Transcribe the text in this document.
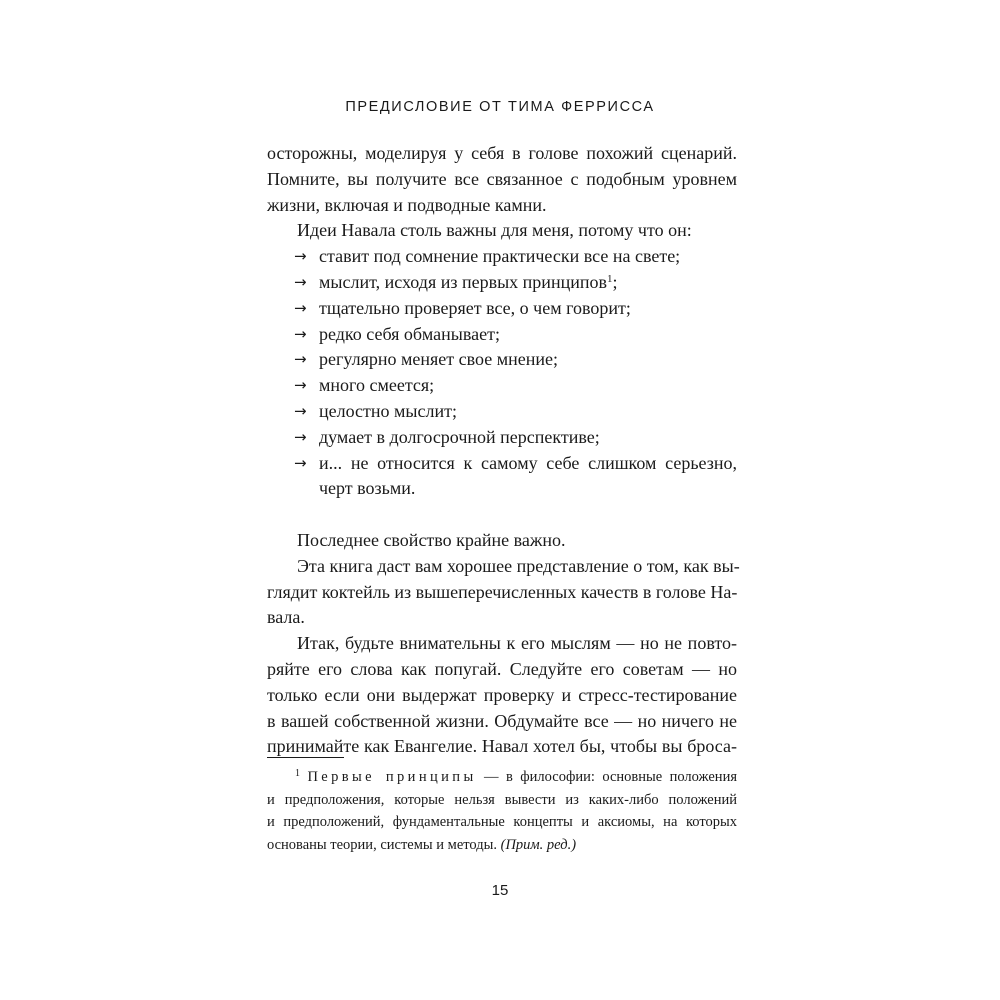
ПРЕДИСЛОВИЕ ОТ ТИМА ФЕРРИССА

осторожны, моделируя у себя в голове похожий сценарий.
Помните, вы получите все связанное с подобным уровнем
жизни, включая и подводные камни.

Идеи Навала столь важны для меня, потому что он:

→ ставит под сомнение практически все на свете;
→ мыслит, исходя из первых принципов$^1$;
→ тщательно проверяет все, о чем говорит;
→ редко себя обманывает;
→ регулярно меняет свое мнение;
→ много смеется;
→ целостно мыслит;
→ думает в долгосрочной перспективе;
→ и... не относится к самому себе слишком серьезно,
черт возьми.

Последнее свойство крайне важно.

Эта книга даст вам хорошее представление о том, как вы-
глядит коктейль из вышеперечисленных качеств в голове На-
вала.

Итак, будьте внимательны к его мыслям — но не повто-
ряйте его слова как попугай. Следуйте его советам — но
только если они выдержат проверку и стресс-тестирование
в вашей собственной жизни. Обдумайте все — но ничего не
принимайте как Евангелие. Навал хотел бы, чтобы вы броса-

$^1$ Первые принципы — в философии: основные положения
и предположения, которые нельзя вывести из каких-либо положений
и предположений, фундаментальные концепты и аксиомы, на которых
основаны теории, системы и методы. (Прим. ред.)
15
